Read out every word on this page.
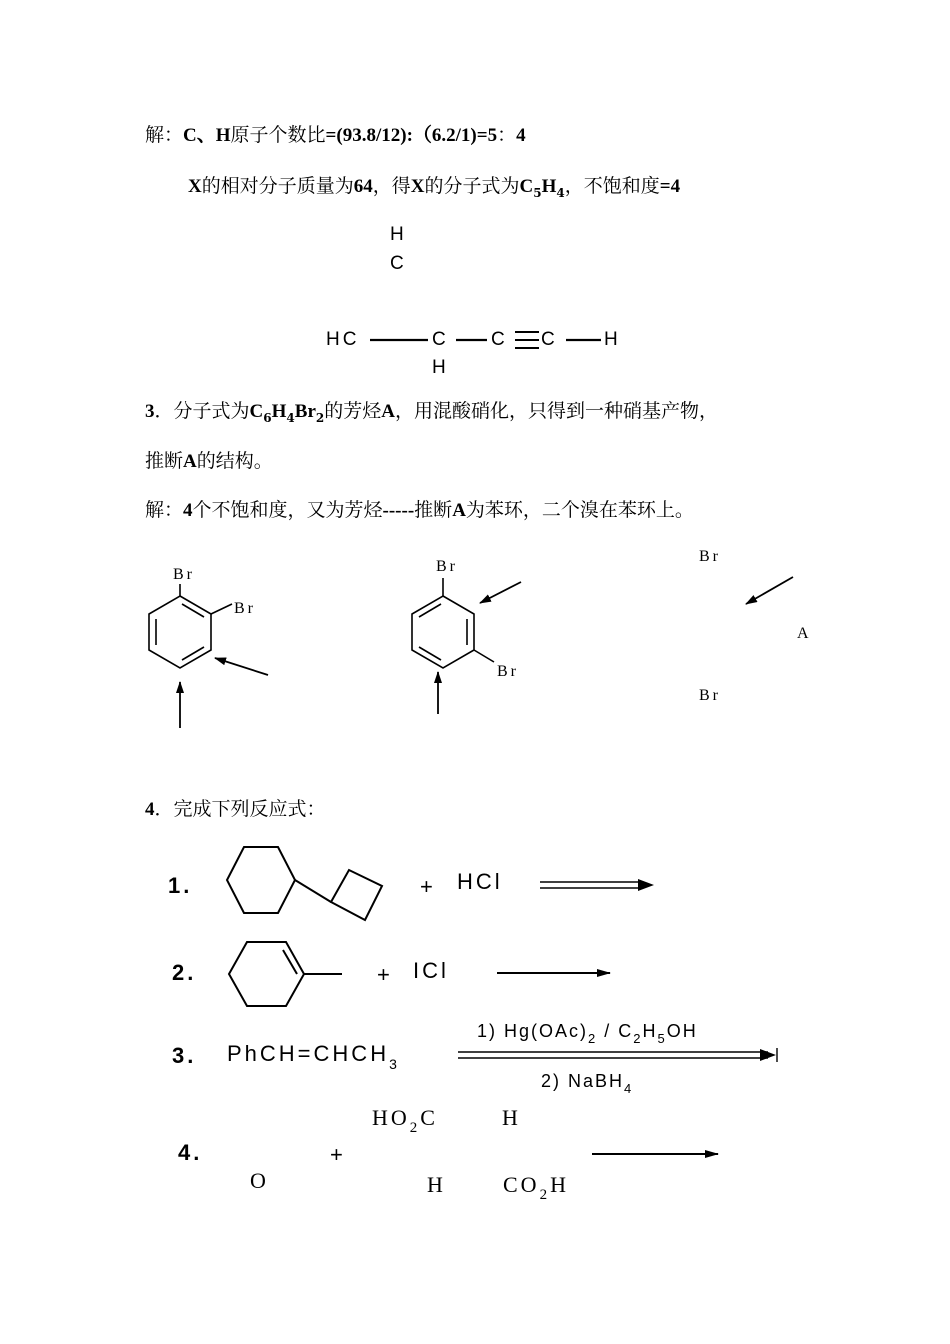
解：C、H原子个数比=(93.8/12):（6.2/1)=5：4
X的相对分子质量为64，得X的分子式为$C_5H_4$，不饱和度=4
H
C
HC	C C C H
H
3．分子式为$C_6H_4Br_2$的芳烃A，用混酸硝化，只得到一种硝基产物，
推断A的结构。
解：4个不饱和度，又为芳烃-----推断A为苯环，二个溴在苯环上。
Br
Br
Br
Br
Br
Br
A
4．完成下列反应式：
1.	+ HCl
2.	+ ICl
3. $PhCH=CHCH_3$
1) $Hg(OAc)_2 / C_2H_5OH$
2) NaBH$_4$
4.
O
+
$HO_2C$	H
H	$CO_2H$
